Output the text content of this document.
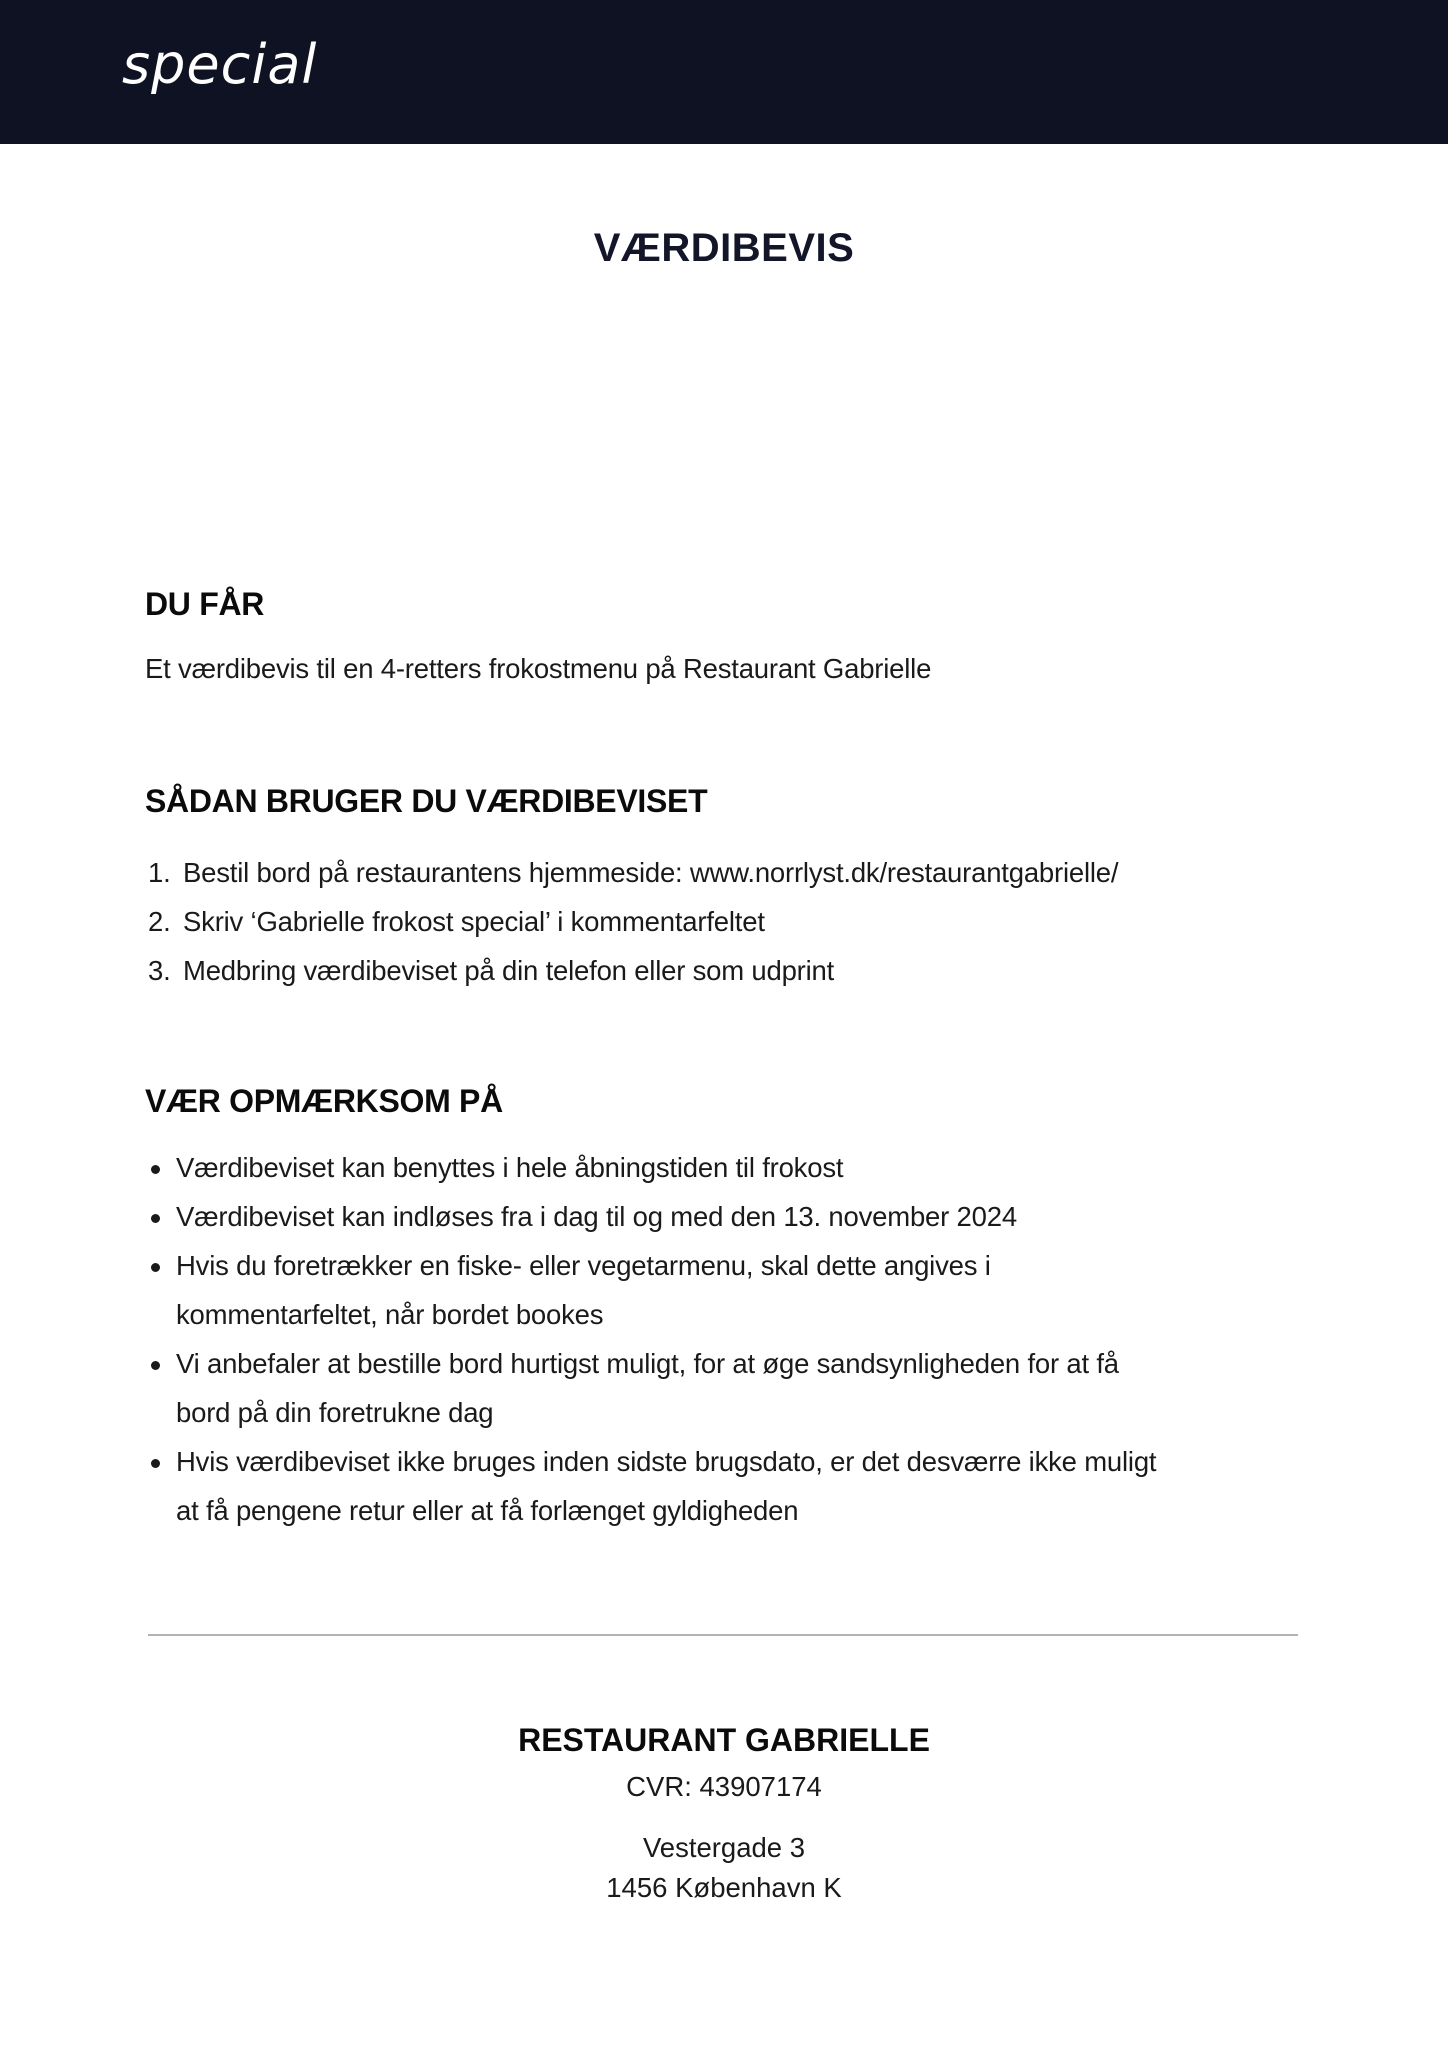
special
VÆRDIBEVIS
DU FÅR
Et værdibevis til en 4-retters frokostmenu på Restaurant Gabrielle
SÅDAN BRUGER DU VÆRDIBEVISET
1. Bestil bord på restaurantens hjemmeside: www.norrlyst.dk/restaurantgabrielle/
2. Skriv ‘Gabrielle frokost special’ i kommentarfeltet
3. Medbring værdibeviset på din telefon eller som udprint
VÆR OPMÆRKSOM PÅ
Værdibeviset kan benyttes i hele åbningstiden til frokost
Værdibeviset kan indløses fra i dag til og med den 13. november 2024
Hvis du foretrækker en fiske- eller vegetarmenu, skal dette angives i
kommentarfeltet, når bordet bookes
Vi anbefaler at bestille bord hurtigst muligt, for at øge sandsynligheden for at få
bord på din foretrukne dag
Hvis værdibeviset ikke bruges inden sidste brugsdato, er det desværre ikke muligt
at få pengene retur eller at få forlænget gyldigheden
RESTAURANT GABRIELLE
CVR: 43907174
Vestergade 3
1456 København K
